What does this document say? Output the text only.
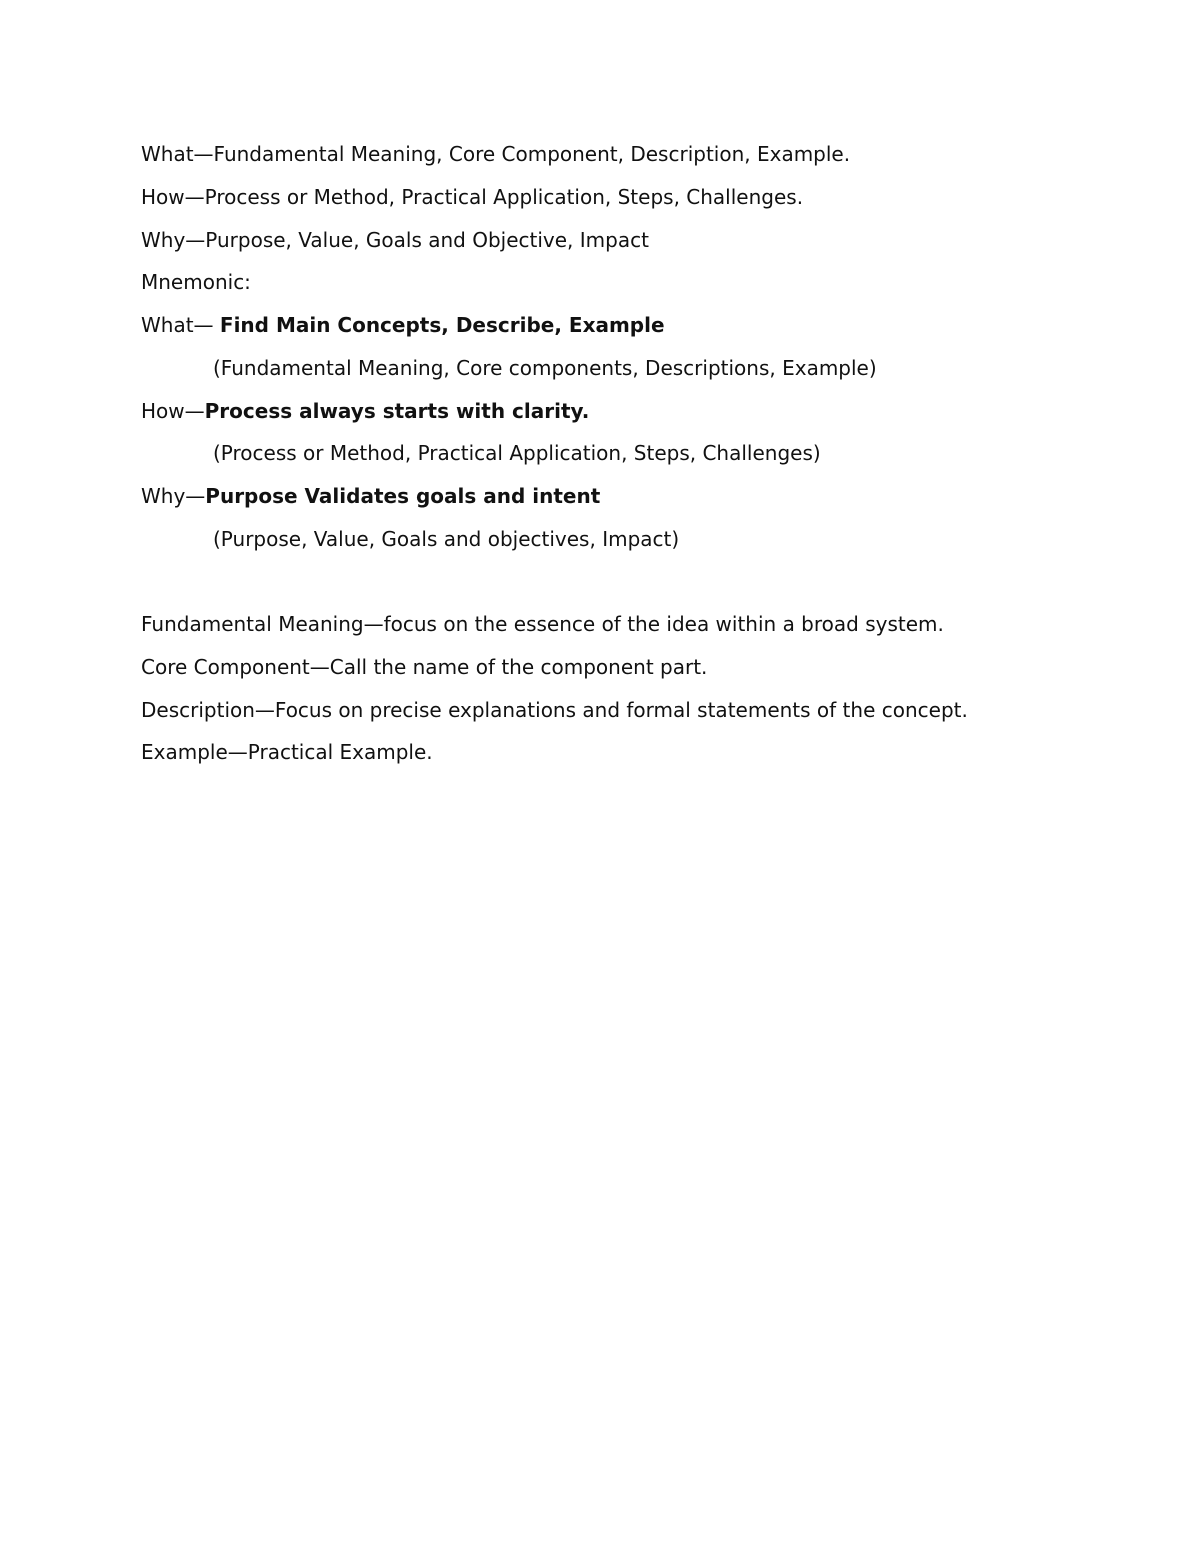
What—Fundamental Meaning, Core Component, Description, Example.

How—Process or Method, Practical Application, Steps, Challenges.

Why—Purpose, Value, Goals and Objective, Impact

Mnemonic:

What— Find Main Concepts, Describe, Example

(Fundamental Meaning, Core components, Descriptions, Example)

How—Process always starts with clarity.

(Process or Method, Practical Application, Steps, Challenges)

Why—Purpose Validates goals and intent

(Purpose, Value, Goals and objectives, Impact)

Fundamental Meaning—focus on the essence of the idea within a broad system.

Core Component—Call the name of the component part.

Description—Focus on precise explanations and formal statements of the concept.

Example—Practical Example.
